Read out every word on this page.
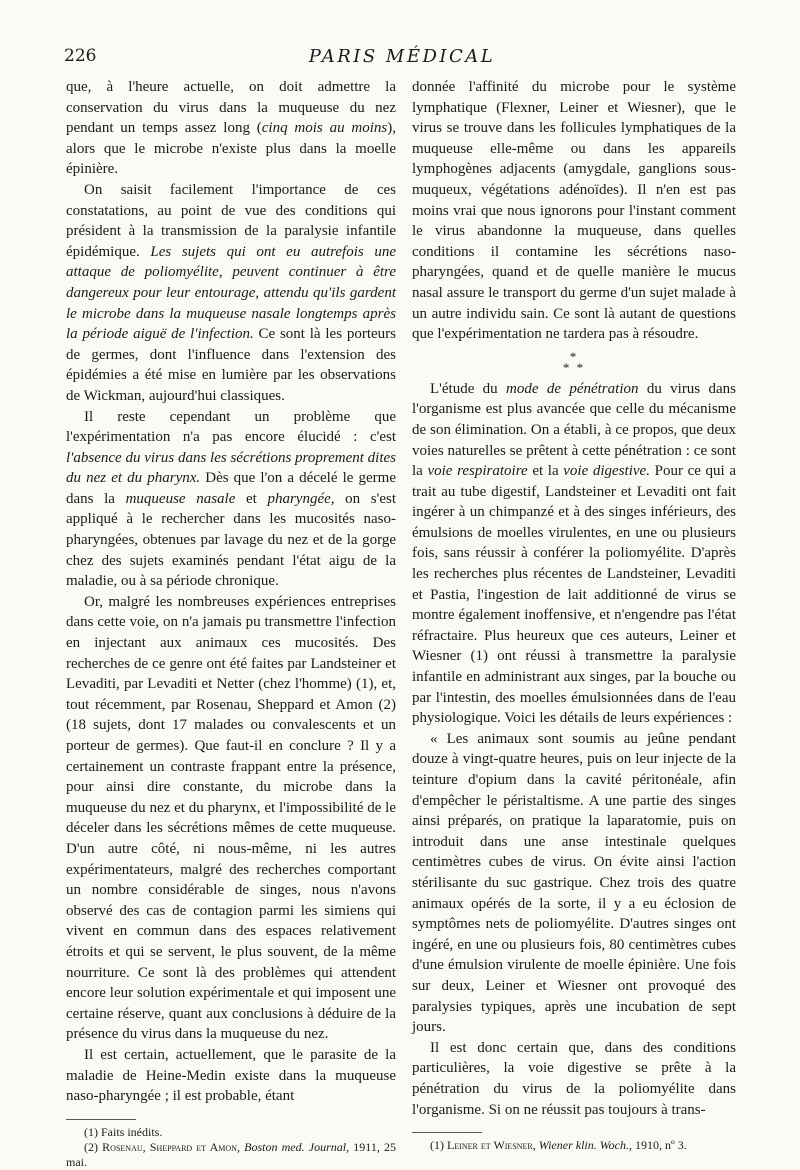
226	PARIS MÉDICAL

que, à l'heure actuelle, on doit admettre la conservation du virus dans la muqueuse du nez pendant un temps assez long (cinq mois au moins), alors que le microbe n'existe plus dans la moelle épinière.

On saisit facilement l'importance de ces constatations, au point de vue des conditions qui président à la transmission de la paralysie infantile épidémique. Les sujets qui ont eu autrefois une attaque de poliomyélite, peuvent continuer à être dangereux pour leur entourage, attendu qu'ils gardent le microbe dans la muqueuse nasale longtemps après la période aiguë de l'infection. Ce sont là les porteurs de germes, dont l'influence dans l'extension des épidémies a été mise en lumière par les observations de Wickman, aujourd'hui classiques.

Il reste cependant un problème que l'expérimentation n'a pas encore élucidé : c'est l'absence du virus dans les sécrétions proprement dites du nez et du pharynx. Dès que l'on a décelé le germe dans la muqueuse nasale et pharyngée, on s'est appliqué à le rechercher dans les mucosités naso-pharyngées, obtenues par lavage du nez et de la gorge chez des sujets examinés pendant l'état aigu de la maladie, ou à sa période chronique.

Or, malgré les nombreuses expériences entreprises dans cette voie, on n'a jamais pu transmettre l'infection en injectant aux animaux ces mucosités. Des recherches de ce genre ont été faites par Landsteiner et Levaditi, par Levaditi et Netter (chez l'homme) (1), et, tout récemment, par Rosenau, Sheppard et Amon (2) (18 sujets, dont 17 malades ou convalescents et un porteur de germes). Que faut-il en conclure ? Il y a certainement un contraste frappant entre la présence, pour ainsi dire constante, du microbe dans la muqueuse du nez et du pharynx, et l'impossibilité de le déceler dans les sécrétions mêmes de cette muqueuse. D'un autre côté, ni nous-même, ni les autres expérimentateurs, malgré des recherches comportant un nombre considérable de singes, nous n'avons observé des cas de contagion parmi les simiens qui vivent en commun dans des espaces relativement étroits et qui se servent, le plus souvent, de la même nourriture. Ce sont là des problèmes qui attendent encore leur solution expérimentale et qui imposent une certaine réserve, quant aux conclusions à déduire de la présence du virus dans la muqueuse du nez.

Il est certain, actuellement, que le parasite de la maladie de Heine-Medin existe dans la muqueuse naso-pharyngée ; il est probable, étant

(1) Faits inédits.

(2) Rosenau, Sheppard et Amon, Boston med. Journal, 1911, 25 mai.

donnée l'affinité du microbe pour le système lymphatique (Flexner, Leiner et Wiesner), que le virus se trouve dans les follicules lymphatiques de la muqueuse elle-même ou dans les appareils lymphogènes adjacents (amygdale, ganglions sous-muqueux, végétations adénoïdes). Il n'en est pas moins vrai que nous ignorons pour l'instant comment le virus abandonne la muqueuse, dans quelles conditions il contamine les sécrétions naso-pharyngées, quand et de quelle manière le mucus nasal assure le transport du germe d'un sujet malade à un autre individu sain. Ce sont là autant de questions que l'expérimentation ne tardera pas à résoudre.

*
* *

L'étude du mode de pénétration du virus dans l'organisme est plus avancée que celle du mécanisme de son élimination. On a établi, à ce propos, que deux voies naturelles se prêtent à cette pénétration : ce sont la voie respiratoire et la voie digestive. Pour ce qui a trait au tube digestif, Landsteiner et Levaditi ont fait ingérer à un chimpanzé et à des singes inférieurs, des émulsions de moelles virulentes, en une ou plusieurs fois, sans réussir à conférer la poliomyélite. D'après les recherches plus récentes de Landsteiner, Levaditi et Pastia, l'ingestion de lait additionné de virus se montre également inoffensive, et n'engendre pas l'état réfractaire. Plus heureux que ces auteurs, Leiner et Wiesner (1) ont réussi à transmettre la paralysie infantile en administrant aux singes, par la bouche ou par l'intestin, des moelles émulsionnées dans de l'eau physiologique. Voici les détails de leurs expériences :

« Les animaux sont soumis au jeûne pendant douze à vingt-quatre heures, puis on leur injecte de la teinture d'opium dans la cavité péritonéale, afin d'empêcher le péristaltisme. A une partie des singes ainsi préparés, on pratique la laparatomie, puis on introduit dans une anse intestinale quelques centimètres cubes de virus. On évite ainsi l'action stérilisante du suc gastrique. Chez trois des quatre animaux opérés de la sorte, il y a eu éclosion de symptômes nets de poliomyélite. D'autres singes ont ingéré, en une ou plusieurs fois, 80 centimètres cubes d'une émulsion virulente de moelle épinière. Une fois sur deux, Leiner et Wiesner ont provoqué des paralysies typiques, après une incubation de sept jours.

Il est donc certain que, dans des conditions particulières, la voie digestive se prête à la pénétration du virus de la poliomyélite dans l'organisme. Si on ne réussit pas toujours à trans-

(1) Leiner et Wiesner, Wiener klin. Woch., 1910, nº 3.
